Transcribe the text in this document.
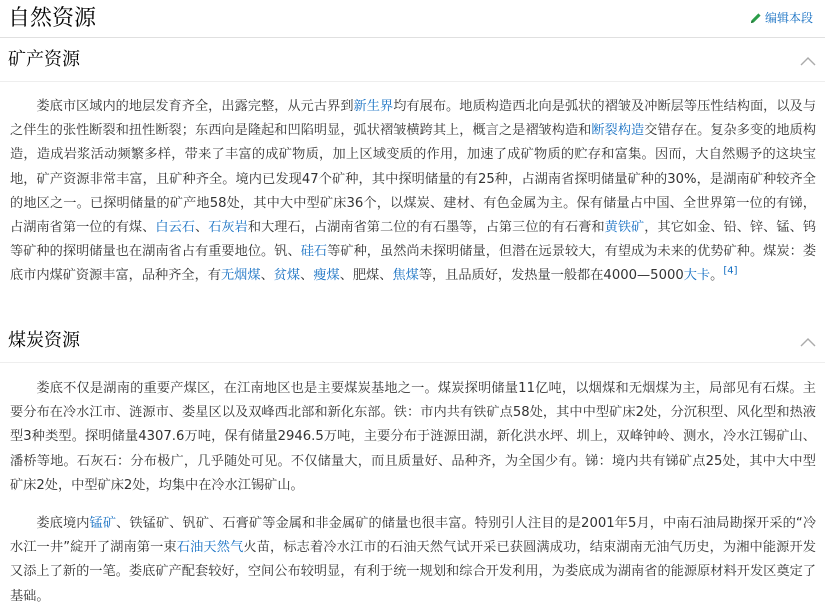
自然资源	编辑本段
矿产资源

娄底市区域内的地层发育齐全，出露完整，从元古界到新生界均有展布。地质构造西北向是弧状的褶皱及冲断层等压性结构面，以及与之伴生的张性断裂和扭性断裂；东西向是隆起和凹陷明显，弧状褶皱横跨其上，概言之是褶皱构造和断裂构造交错存在。复杂多变的地质构造，造成岩浆活动频繁多样，带来了丰富的成矿物质，加上区域变质的作用，加速了成矿物质的贮存和富集。因而，大自然赐予的这块宝地，矿产资源非常丰富，且矿种齐全。境内已发现47个矿种，其中探明储量的有25种，占湖南省探明储量矿种的30%，是湖南矿种较齐全的地区之一。已探明储量的矿产地58处，其中大中型矿床36个，以煤炭、建材、有色金属为主。保有储量占中国、全世界第一位的有锑，占湖南省第一位的有煤、白云石、石灰岩和大理石，占湖南省第二位的有石墨等，占第三位的有石膏和黄铁矿，其它如金、铅、锌、锰、钨等矿种的探明储量也在湖南省占有重要地位。钒、硅石等矿种，虽然尚未探明储量，但潜在远景较大，有望成为未来的优势矿种。煤炭：娄底市内煤矿资源丰富，品种齐全，有无烟煤、贫煤、瘦煤、肥煤、焦煤等，且品质好，发热量一般都在4000—5000大卡。[4]

煤炭资源

娄底不仅是湖南的重要产煤区，在江南地区也是主要煤炭基地之一。煤炭探明储量11亿吨，以烟煤和无烟煤为主，局部见有石煤。主要分布在冷水江市、涟源市、娄星区以及双峰西北部和新化东部。铁：市内共有铁矿点58处，其中中型矿床2处，分沉积型、风化型和热液型3种类型。探明储量4307.6万吨，保有储量2946.5万吨，主要分布于涟源田湖，新化洪水坪、圳上，双峰钟岭、测水，冷水江锡矿山、潘桥等地。石灰石：分布极广，几乎随处可见。不仅储量大，而且质量好、品种齐，为全国少有。锑：境内共有锑矿点25处，其中大中型矿床2处，中型矿床2处，均集中在冷水江锡矿山。

娄底境内锰矿、铁锰矿、钒矿、石膏矿等金属和非金属矿的储量也很丰富。特别引人注目的是2001年5月，中南石油局勘探开采的“冷水江一井”綻开了湖南第一束石油天然气火苗，标志着冷水江市的石油天然气试开采已获圆满成功，结束湖南无油气历史，为湘中能源开发又添上了新的一笔。娄底矿产配套较好，空间公布较明显，有利于统一规划和综合开发利用，为娄底成为湖南省的能源原材料开发区奠定了基础。
